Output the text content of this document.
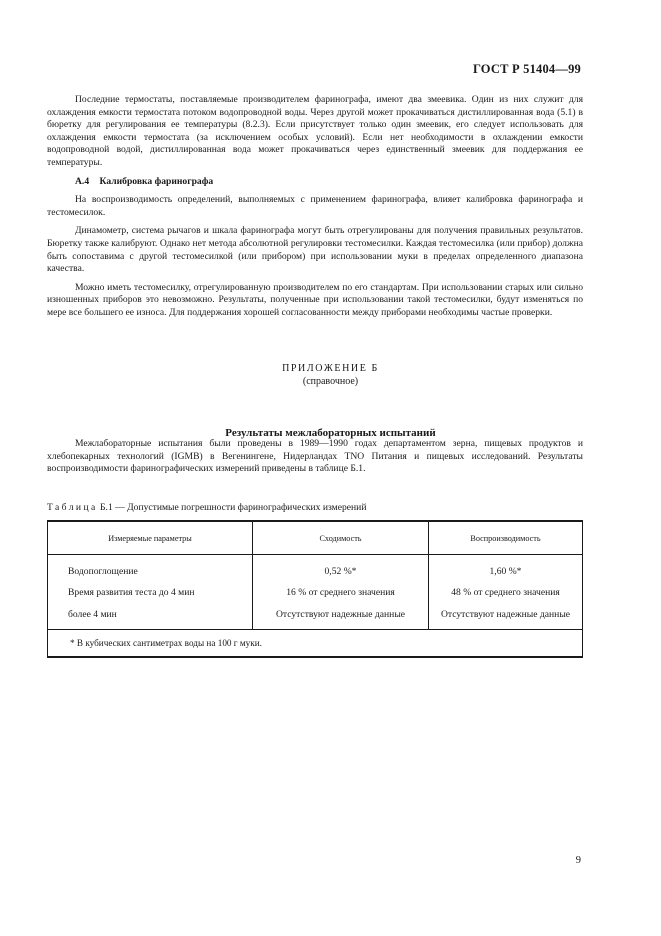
ГОСТ Р 51404—99

Последние термостаты, поставляемые производителем фаринографа, имеют два змеевика. Один из них служит для охлаждения емкости термостата потоком водопроводной воды. Через другой может прокачиваться дистиллированная вода (5.1) в бюретку для регулирования ее температуры (8.2.3). Если присутствует только один змеевик, его следует использовать для охлаждения емкости термостата (за исключением особых условий). Если нет необходимости в охлаждении емкости водопроводной водой, дистиллированная вода может прокачиваться через единственный змеевик для поддержания ее температуры.

А.4 Калибровка фаринографа

На воспроизводимость определений, выполняемых с применением фаринографа, влияет калибровка фаринографа и тестомесилок.

Динамометр, система рычагов и шкала фаринографа могут быть отрегулированы для получения правильных результатов. Бюретку также калибруют. Однако нет метода абсолютной регулировки тестомесилки. Каждая тестомесилка (или прибор) должна быть сопоставима с другой тестомесилкой (или прибором) при использовании муки в пределах определенного диапазона качества.

Можно иметь тестомесилку, отрегулированную производителем по его стандартам. При использовании старых или сильно изношенных приборов это невозможно. Результаты, полученные при использовании такой тестомесилки, будут изменяться по мере все большего ее износа. Для поддержания хорошей согласованности между приборами необходимы частые проверки.

ПРИЛОЖЕНИЕ Б
(справочное)
Результаты межлабораторных испытаний

Межлабораторные испытания были проведены в 1989—1990 годах департаментом зерна, пищевых продуктов и хлебопекарных технологий (IGMB) в Вегенингене, Нидерландах TNO Питания и пищевых исследований. Результаты воспроизводимости фаринографических измерений приведены в таблице Б.1.

Таблица Б.1 — Допустимые погрешности фаринографических измерений
Измеряемые параметры	Сходимость	Воспроизводимость
Водопоглощение	0,52 %*	1,60 %*
Время развития теста до 4 мин	16 % от среднего значения	48 % от среднего значения
более 4 мин	Отсутствуют надежные данные	Отсутствуют надежные данные
* В кубических сантиметрах воды на 100 г муки.		
9
